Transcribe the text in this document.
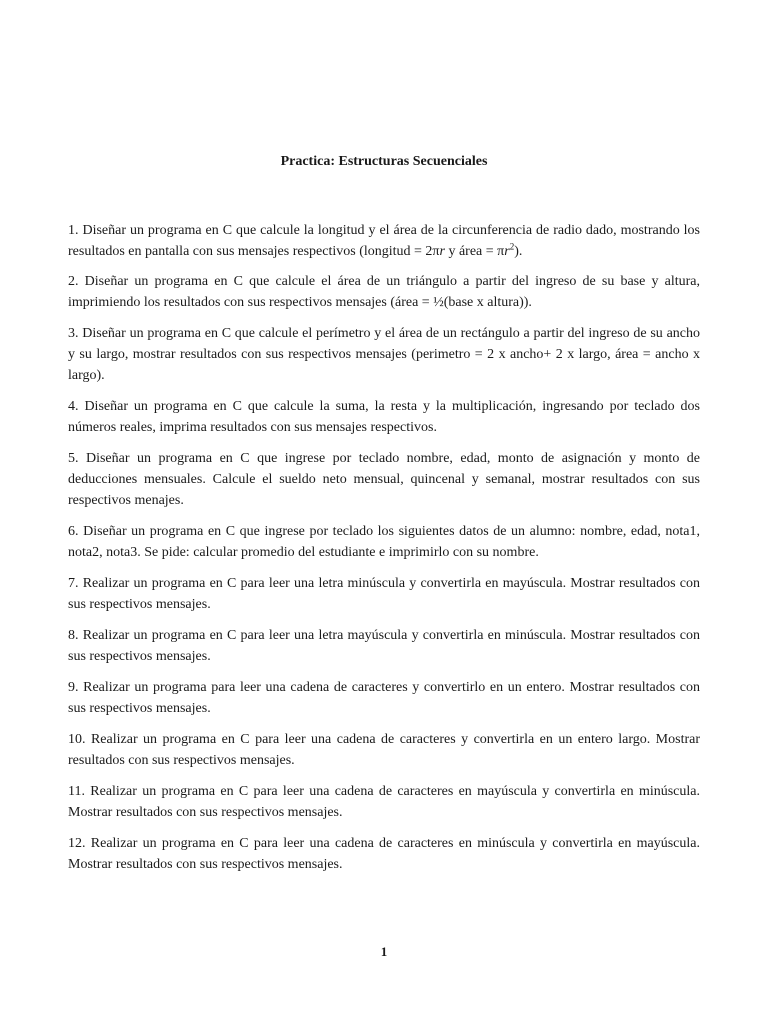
Practica: Estructuras Secuenciales

1. Diseñar un programa en C que calcule la longitud y el área de la circunferencia de radio dado, mostrando los resultados en pantalla con sus mensajes respectivos (longitud = 2πr y área = $\pi r^2$).

2. Diseñar un programa en C que calcule el área de un triángulo a partir del ingreso de su base y altura, imprimiendo los resultados con sus respectivos mensajes (área = ½(base x altura)).

3. Diseñar un programa en C que calcule el perímetro y el área de un rectángulo a partir del ingreso de su ancho y su largo, mostrar resultados con sus respectivos mensajes (perimetro = 2 x ancho+ 2 x largo, área = ancho x largo).

4. Diseñar un programa en C que calcule la suma, la resta y la multiplicación, ingresando por teclado dos números reales, imprima resultados con sus mensajes respectivos.

5. Diseñar un programa en C que ingrese por teclado nombre, edad, monto de asignación y monto de deducciones mensuales. Calcule el sueldo neto mensual, quincenal y semanal, mostrar resultados con sus respectivos menajes.

6. Diseñar un programa en C que ingrese por teclado los siguientes datos de un alumno: nombre, edad, nota1, nota2, nota3. Se pide: calcular promedio del estudiante e imprimirlo con su nombre.

7. Realizar un programa en C para leer una letra minúscula y convertirla en mayúscula. Mostrar resultados con sus respectivos mensajes.

8. Realizar un programa en C para leer una letra mayúscula y convertirla en minúscula. Mostrar resultados con sus respectivos mensajes.

9. Realizar un programa para leer una cadena de caracteres y convertirlo en un entero. Mostrar resultados con sus respectivos mensajes.

10. Realizar un programa en C para leer una cadena de caracteres y convertirla en un entero largo. Mostrar resultados con sus respectivos mensajes.

11. Realizar un programa en C para leer una cadena de caracteres en mayúscula y convertirla en minúscula. Mostrar resultados con sus respectivos mensajes.

12. Realizar un programa en C para leer una cadena de caracteres en minúscula y convertirla en mayúscula. Mostrar resultados con sus respectivos mensajes.

1
